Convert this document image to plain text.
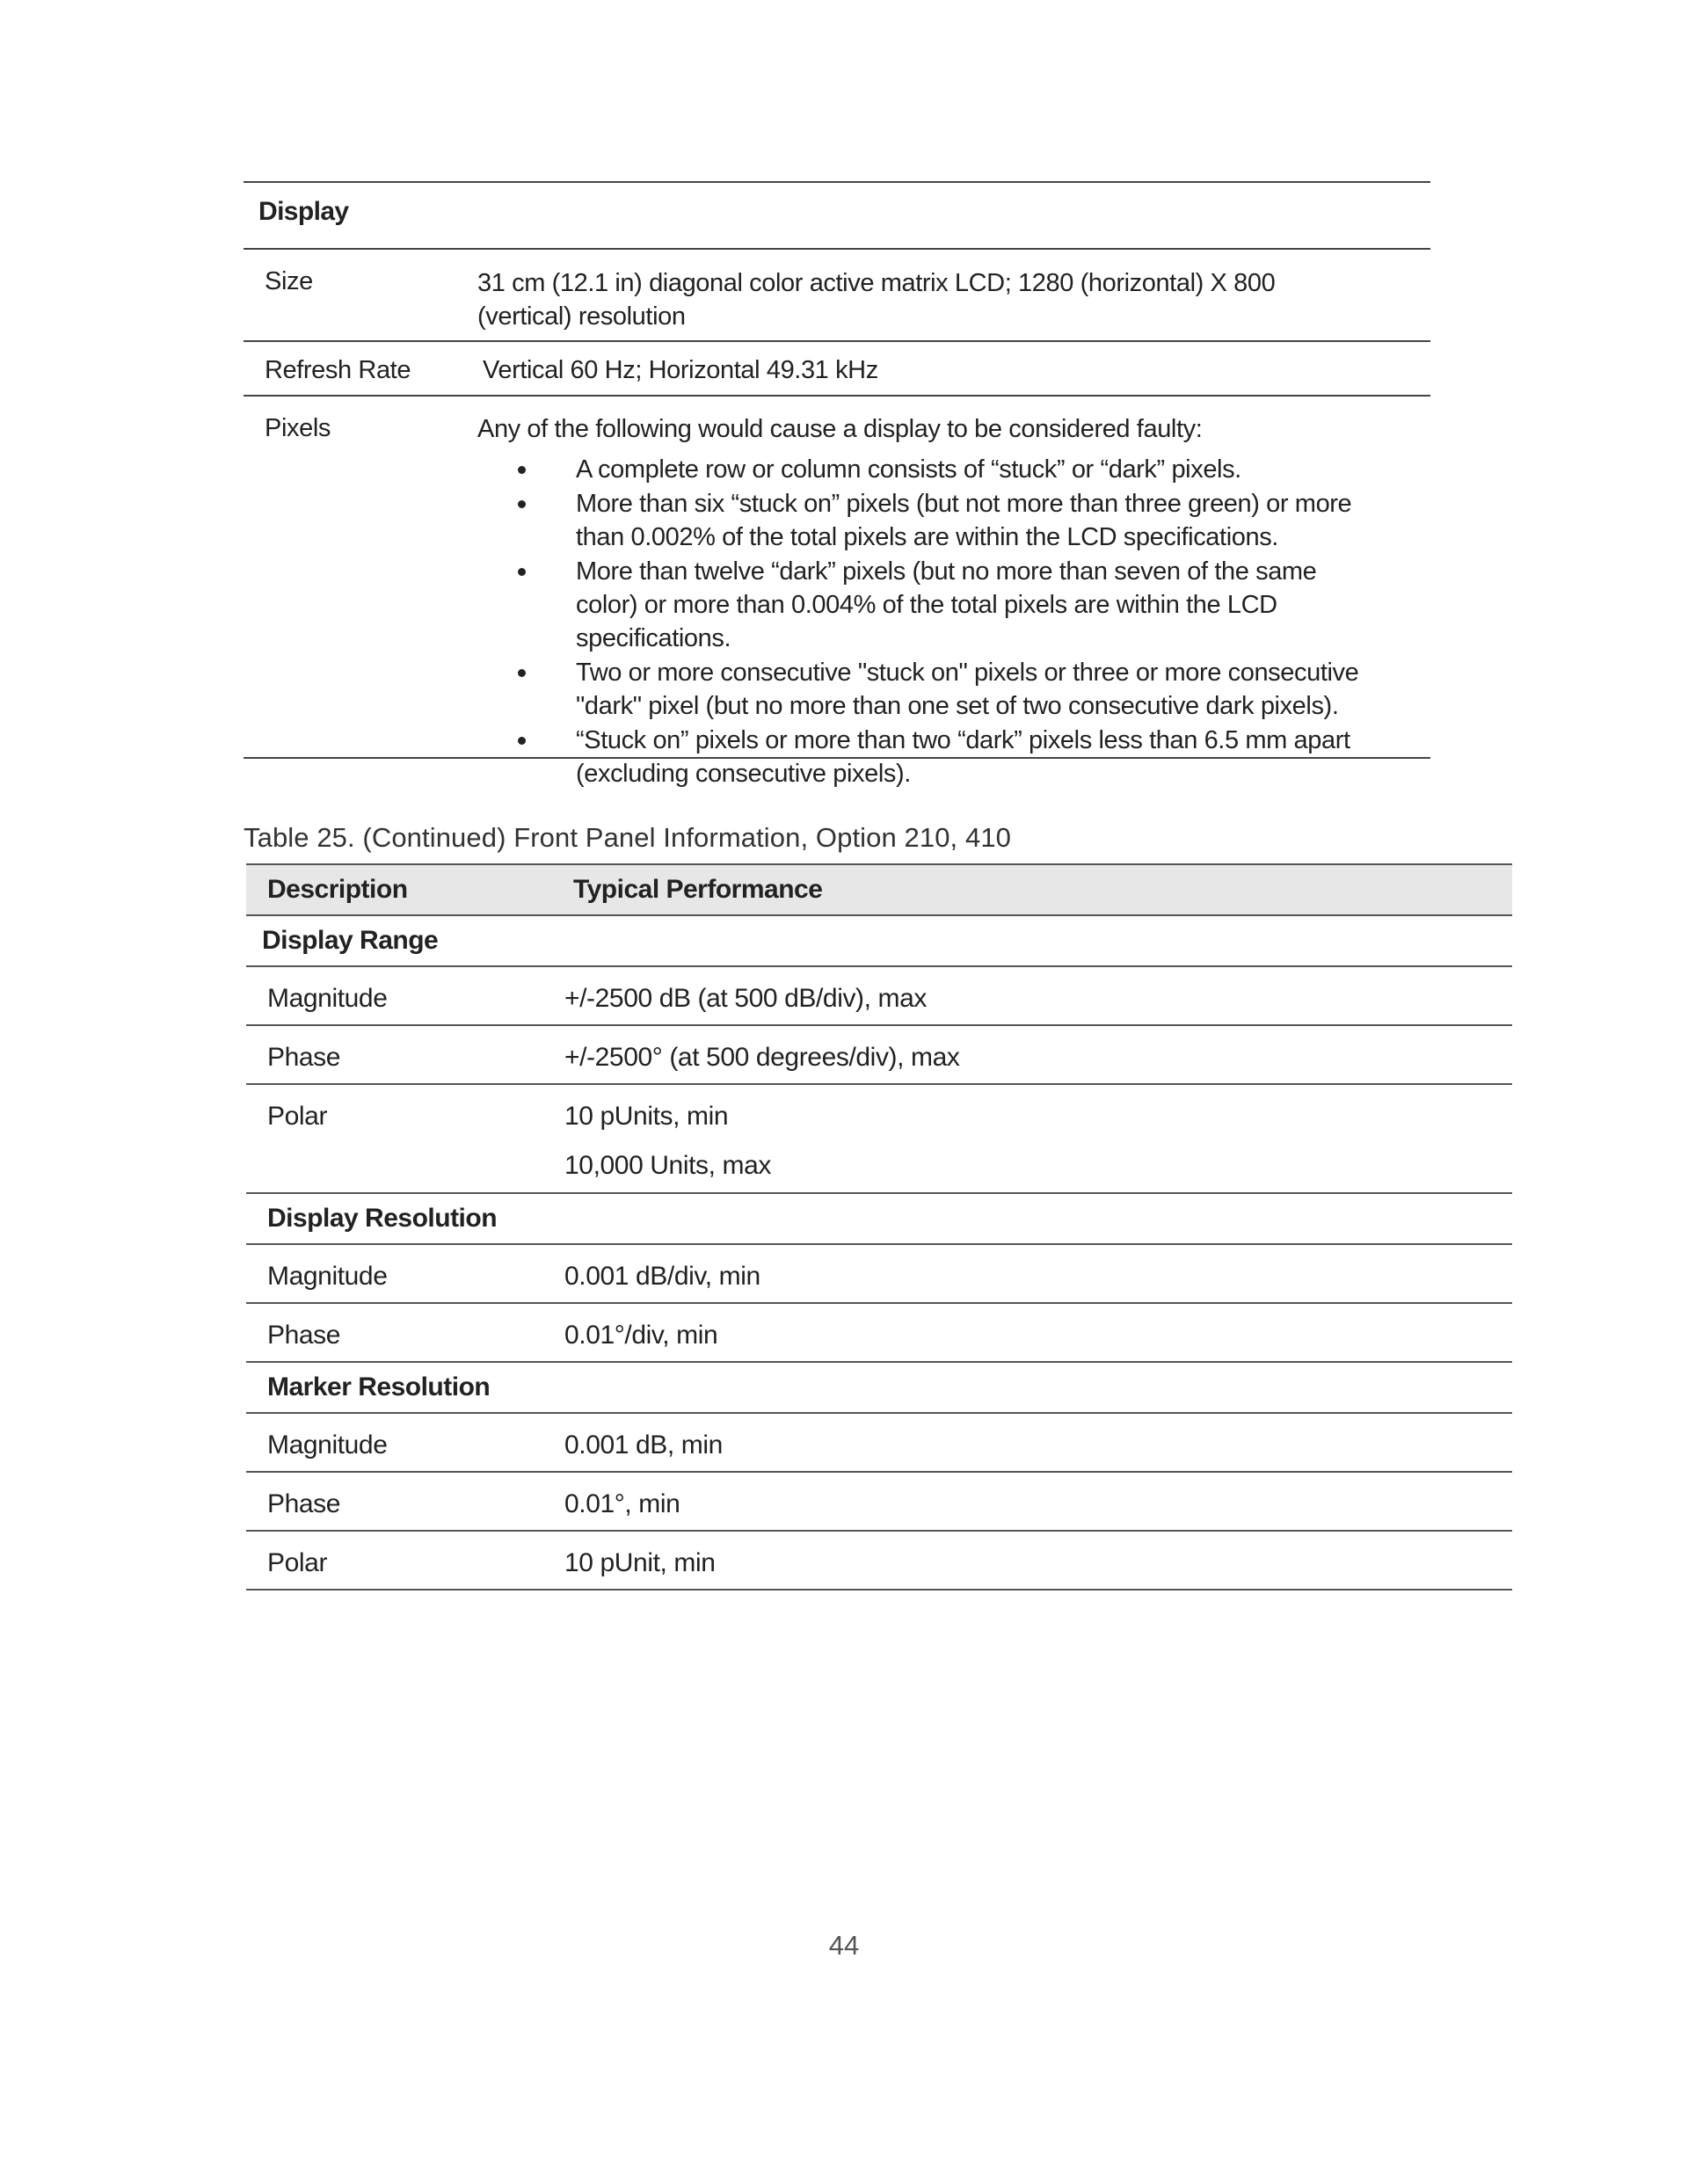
Display
Size	31 cm (12.1 in) diagonal color active matrix LCD; 1280 (horizontal) X 800 (vertical) resolution
Refresh Rate	Vertical 60 Hz; Horizontal 49.31 kHz
Pixels	Any of the following would cause a display to be considered faulty:
A complete row or column consists of “stuck” or “dark” pixels.
More than six “stuck on” pixels (but not more than three green) or more than 0.002% of the total pixels are within the LCD specifications.
More than twelve “dark” pixels (but no more than seven of the same color) or more than 0.004% of the total pixels are within the LCD specifications.
Two or more consecutive "stuck on" pixels or three or more consecutive "dark" pixel (but no more than one set of two consecutive dark pixels).
“Stuck on” pixels or more than two “dark” pixels less than 6.5 mm apart (excluding consecutive pixels).
Table 25. (Continued) Front Panel Information, Option 210, 410
Description	Typical Performance
Display Range
Magnitude	+/-2500 dB (at 500 dB/div), max
Phase	+/-2500° (at 500 degrees/div), max
Polar	10 pUnits, min
10,000 Units, max
Display Resolution
Magnitude	0.001 dB/div, min
Phase	0.01°/div, min
Marker Resolution
Magnitude	0.001 dB, min
Phase	0.01°, min
Polar	10 pUnit, min
44
